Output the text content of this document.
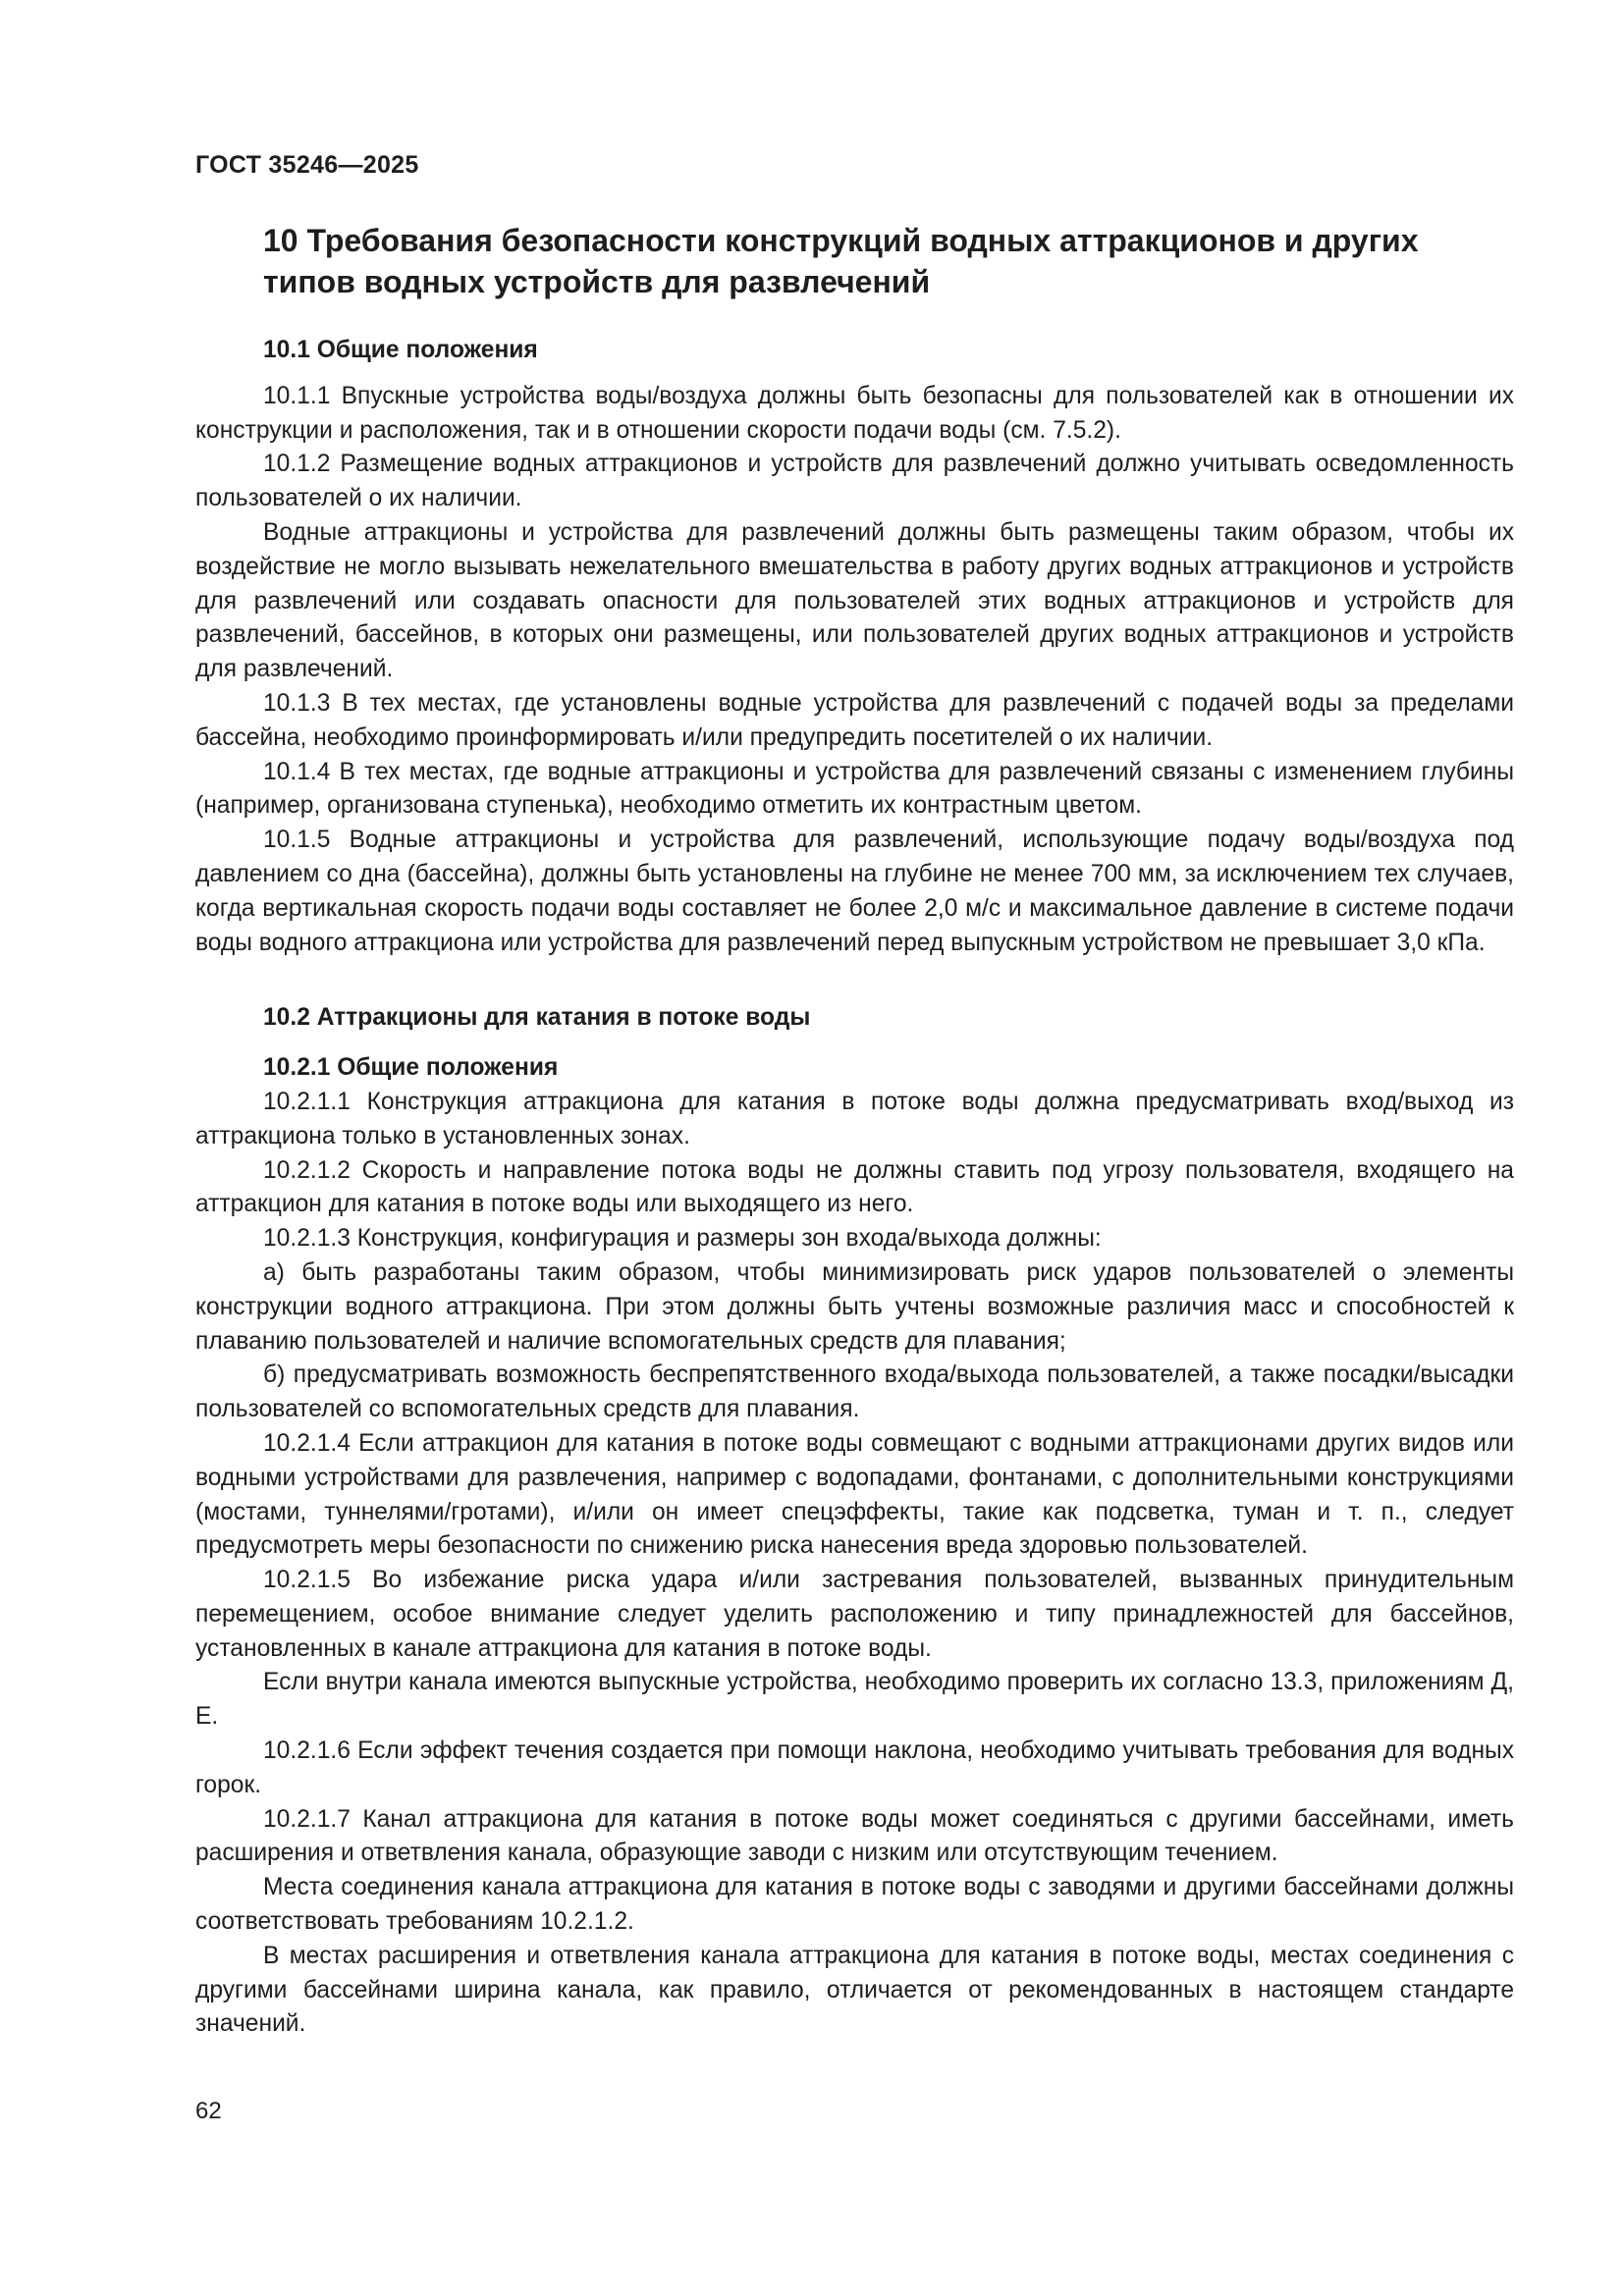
ГОСТ 35246—2025
10 Требования безопасности конструкций водных аттракционов и других типов водных устройств для развлечений
10.1 Общие положения

10.1.1 Впускные устройства воды/воздуха должны быть безопасны для пользователей как в отношении их конструкции и расположения, так и в отношении скорости подачи воды (см. 7.5.2).

10.1.2 Размещение водных аттракционов и устройств для развлечений должно учитывать осведомленность пользователей о их наличии.

Водные аттракционы и устройства для развлечений должны быть размещены таким образом, чтобы их воздействие не могло вызывать нежелательного вмешательства в работу других водных аттракционов и устройств для развлечений или создавать опасности для пользователей этих водных аттракционов и устройств для развлечений, бассейнов, в которых они размещены, или пользователей других водных аттракционов и устройств для развлечений.

10.1.3 В тех местах, где установлены водные устройства для развлечений с подачей воды за пределами бассейна, необходимо проинформировать и/или предупредить посетителей о их наличии.

10.1.4 В тех местах, где водные аттракционы и устройства для развлечений связаны с изменением глубины (например, организована ступенька), необходимо отметить их контрастным цветом.

10.1.5 Водные аттракционы и устройства для развлечений, использующие подачу воды/воздуха под давлением со дна (бассейна), должны быть установлены на глубине не менее 700 мм, за исключением тех случаев, когда вертикальная скорость подачи воды составляет не более 2,0 м/с и максимальное давление в системе подачи воды водного аттракциона или устройства для развлечений перед выпускным устройством не превышает 3,0 кПа.

10.2 Аттракционы для катания в потоке воды
10.2.1 Общие положения

10.2.1.1 Конструкция аттракциона для катания в потоке воды должна предусматривать вход/выход из аттракциона только в установленных зонах.

10.2.1.2 Скорость и направление потока воды не должны ставить под угрозу пользователя, входящего на аттракцион для катания в потоке воды или выходящего из него.

10.2.1.3 Конструкция, конфигурация и размеры зон входа/выхода должны:

а) быть разработаны таким образом, чтобы минимизировать риск ударов пользователей о элементы конструкции водного аттракциона. При этом должны быть учтены возможные различия масс и способностей к плаванию пользователей и наличие вспомогательных средств для плавания;

б) предусматривать возможность беспрепятственного входа/выхода пользователей, а также посадки/высадки пользователей со вспомогательных средств для плавания.

10.2.1.4 Если аттракцион для катания в потоке воды совмещают с водными аттракционами других видов или водными устройствами для развлечения, например с водопадами, фонтанами, с дополнительными конструкциями (мостами, туннелями/гротами), и/или он имеет спецэффекты, такие как подсветка, туман и т. п., следует предусмотреть меры безопасности по снижению риска нанесения вреда здоровью пользователей.

10.2.1.5 Во избежание риска удара и/или застревания пользователей, вызванных принудительным перемещением, особое внимание следует уделить расположению и типу принадлежностей для бассейнов, установленных в канале аттракциона для катания в потоке воды.

Если внутри канала имеются выпускные устройства, необходимо проверить их согласно 13.3, приложениям Д, Е.

10.2.1.6 Если эффект течения создается при помощи наклона, необходимо учитывать требования для водных горок.

10.2.1.7 Канал аттракциона для катания в потоке воды может соединяться с другими бассейнами, иметь расширения и ответвления канала, образующие заводи с низким или отсутствующим течением.

Места соединения канала аттракциона для катания в потоке воды с заводями и другими бассейнами должны соответствовать требованиям 10.2.1.2.

В местах расширения и ответвления канала аттракциона для катания в потоке воды, местах соединения с другими бассейнами ширина канала, как правило, отличается от рекомендованных в настоящем стандарте значений.

62
